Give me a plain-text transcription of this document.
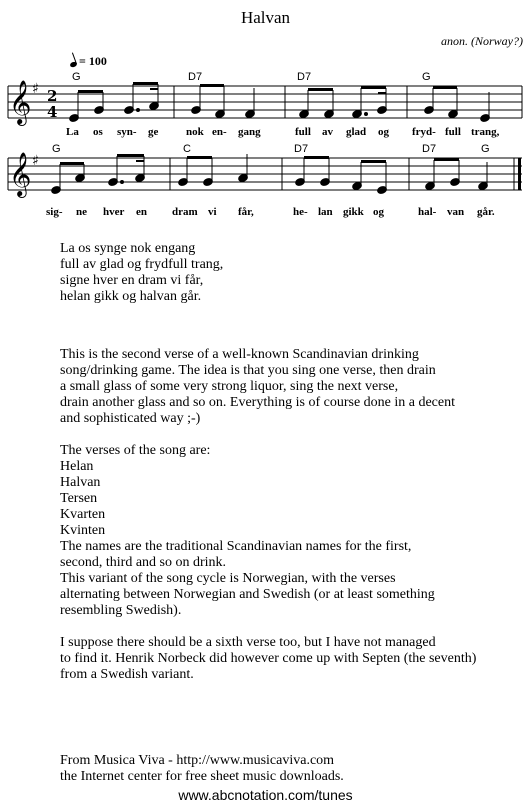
Halvan
anon. (Norway?)
= 100
G	D7	D7	G
G	C	D7	D7	G
𝄞
𝄞
♯
♯
2
4
La os syn- ge	nok en- gang	full av glad og fryd- full trang,
sig- ne hver en dram vi får,	he- lan gikk og	hal- van går.
La os synge nok engang
full av glad og frydfull trang,
signe hver en dram vi får,
helan gikk og halvan går.
This is the second verse of a well-known Scandinavian drinking
song/drinking game. The idea is that you sing one verse, then drain
a small glass of some very strong liquor, sing the next verse,
drain another glass and so on. Everything is of course done in a decent
and sophisticated way ;-)
The verses of the song are:
Helan
Halvan
Tersen
Kvarten
Kvinten
The names are the traditional Scandinavian names for the first,
second, third and so on drink.
This variant of the song cycle is Norwegian, with the verses
alternating between Norwegian and Swedish (or at least something
resembling Swedish).
I suppose there should be a sixth verse too, but I have not managed
to find it. Henrik Norbeck did however come up with Septen (the seventh)
from a Swedish variant.
From Musica Viva - http://www.musicaviva.com
the Internet center for free sheet music downloads.
www.abcnotation.com/tunes
